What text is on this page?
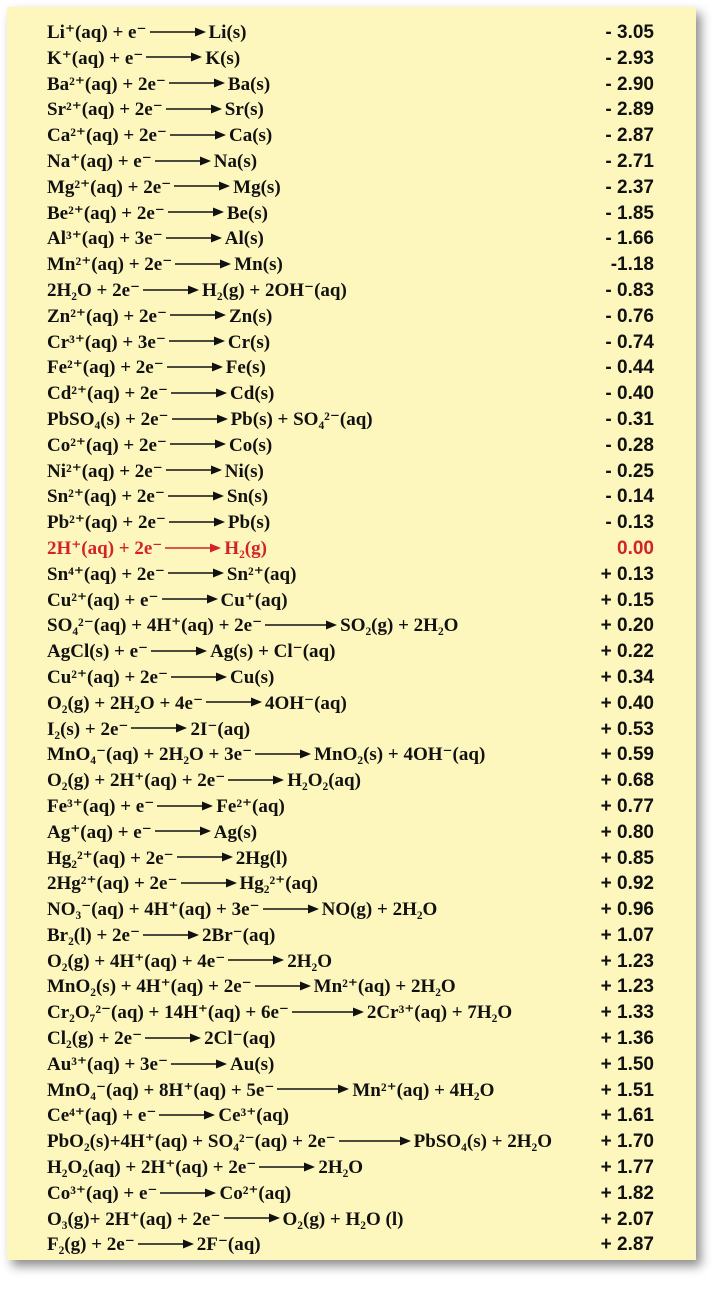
Li⁺(aq) + e⁻ → Li(s)	- 3.05
K⁺(aq) + e⁻ → K(s)	- 2.93
Ba²⁺(aq) + 2e⁻ → Ba(s)	- 2.90
Sr²⁺(aq) + 2e⁻ → Sr(s)	- 2.89
Ca²⁺(aq) + 2e⁻ → Ca(s)	- 2.87
Na⁺(aq) + e⁻ → Na(s)	- 2.71
Mg²⁺(aq) + 2e⁻ → Mg(s)	- 2.37
Be²⁺(aq) + 2e⁻ → Be(s)	- 1.85
Al³⁺(aq) + 3e⁻ → Al(s)	- 1.66
Mn²⁺(aq) + 2e⁻ → Mn(s)	-1.18
2H₂O + 2e⁻ → H₂(g) + 2OH⁻(aq)	- 0.83
Zn²⁺(aq) + 2e⁻ → Zn(s)	- 0.76
Cr³⁺(aq) + 3e⁻ → Cr(s)	- 0.74
Fe²⁺(aq) + 2e⁻ → Fe(s)	- 0.44
Cd²⁺(aq) + 2e⁻ → Cd(s)	- 0.40
PbSO₄(s) + 2e⁻ → Pb(s) + SO₄²⁻(aq)	- 0.31
Co²⁺(aq) + 2e⁻ → Co(s)	- 0.28
Ni²⁺(aq) + 2e⁻ → Ni(s)	- 0.25
Sn²⁺(aq) + 2e⁻ → Sn(s)	- 0.14
Pb²⁺(aq) + 2e⁻ → Pb(s)	- 0.13
2H⁺(aq) + 2e⁻ → H₂(g)	0.00
Sn⁴⁺(aq) + 2e⁻ → Sn²⁺(aq)	+ 0.13
Cu²⁺(aq) + e⁻ → Cu⁺(aq)	+ 0.15
SO₄²⁻(aq) + 4H⁺(aq) + 2e⁻ → SO₂(g) + 2H₂O	+ 0.20
AgCl(s) + e⁻ → Ag(s) + Cl⁻(aq)	+ 0.22
Cu²⁺(aq) + 2e⁻ → Cu(s)	+ 0.34
O₂(g) + 2H₂O + 4e⁻ → 4OH⁻(aq)	+ 0.40
I₂(s) + 2e⁻ → 2I⁻(aq)	+ 0.53
MnO₄⁻(aq) + 2H₂O + 3e⁻ → MnO₂(s) + 4OH⁻(aq)	+ 0.59
O₂(g) + 2H⁺(aq) + 2e⁻ → H₂O₂(aq)	+ 0.68
Fe³⁺(aq) + e⁻ → Fe²⁺(aq)	+ 0.77
Ag⁺(aq) + e⁻ → Ag(s)	+ 0.80
Hg₂²⁺(aq) + 2e⁻ → 2Hg(l)	+ 0.85
2Hg²⁺(aq) + 2e⁻ → Hg₂²⁺(aq)	+ 0.92
NO₃⁻(aq) + 4H⁺(aq) + 3e⁻ → NO(g) + 2H₂O	+ 0.96
Br₂(l) + 2e⁻ → 2Br⁻(aq)	+ 1.07
O₂(g) + 4H⁺(aq) + 4e⁻ → 2H₂O	+ 1.23
MnO₂(s) + 4H⁺(aq) + 2e⁻ → Mn²⁺(aq) + 2H₂O	+ 1.23
Cr₂O₇²⁻(aq) + 14H⁺(aq) + 6e⁻ → 2Cr³⁺(aq) + 7H₂O	+ 1.33
Cl₂(g) + 2e⁻ → 2Cl⁻(aq)	+ 1.36
Au³⁺(aq) + 3e⁻ → Au(s)	+ 1.50
MnO₄⁻(aq) + 8H⁺(aq) + 5e⁻ → Mn²⁺(aq) + 4H₂O	+ 1.51
Ce⁴⁺(aq) + e⁻ → Ce³⁺(aq)	+ 1.61
PbO₂(s)+4H⁺(aq) + SO₄²⁻(aq) + 2e⁻ → PbSO₄(s) + 2H₂O	+ 1.70
H₂O₂(aq) + 2H⁺(aq) + 2e⁻ → 2H₂O	+ 1.77
Co³⁺(aq) + e⁻ → Co²⁺(aq)	+ 1.82
O₃(g)+ 2H⁺(aq) + 2e⁻ → O₂(g) + H₂O (l)	+ 2.07
F₂(g) + 2e⁻ → 2F⁻(aq)	+ 2.87
